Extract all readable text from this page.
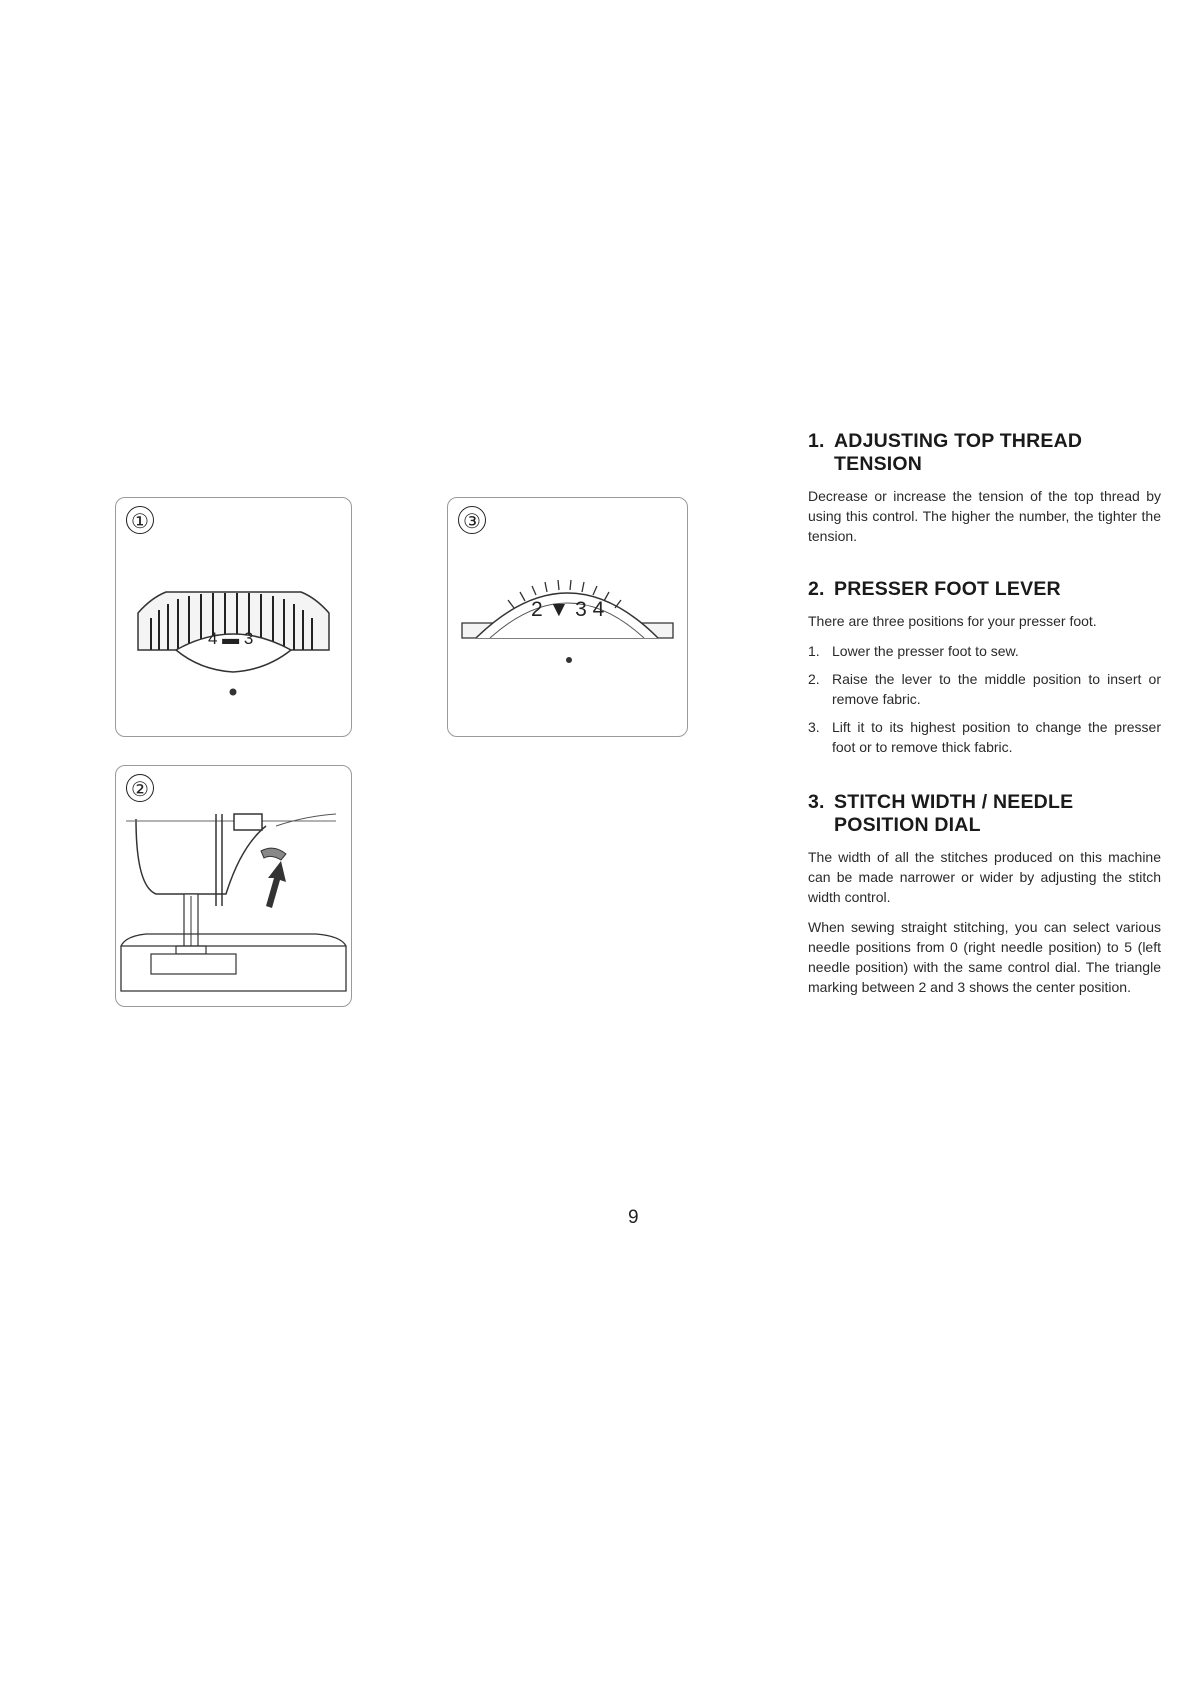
①
4 ▬ 3
③
2 ▼ 3 4
②
1. ADJUSTING TOP THREAD TENSION

Decrease or increase the tension of the top thread by using this control. The higher the number, the tighter the tension.

2. PRESSER FOOT LEVER

There are three positions for your presser foot.

1. Lower the presser foot to sew.
2. Raise the lever to the middle position to insert or remove fabric.
3. Lift it to its highest position to change the presser foot or to remove thick fabric.
3. STITCH WIDTH / NEEDLE POSITION DIAL

The width of all the stitches produced on this machine can be made narrower or wider by adjusting the stitch width control.

When sewing straight stitching, you can select various needle positions from 0 (right needle position) to 5 (left needle position) with the same control dial. The triangle marking between 2 and 3 shows the center position.

9
